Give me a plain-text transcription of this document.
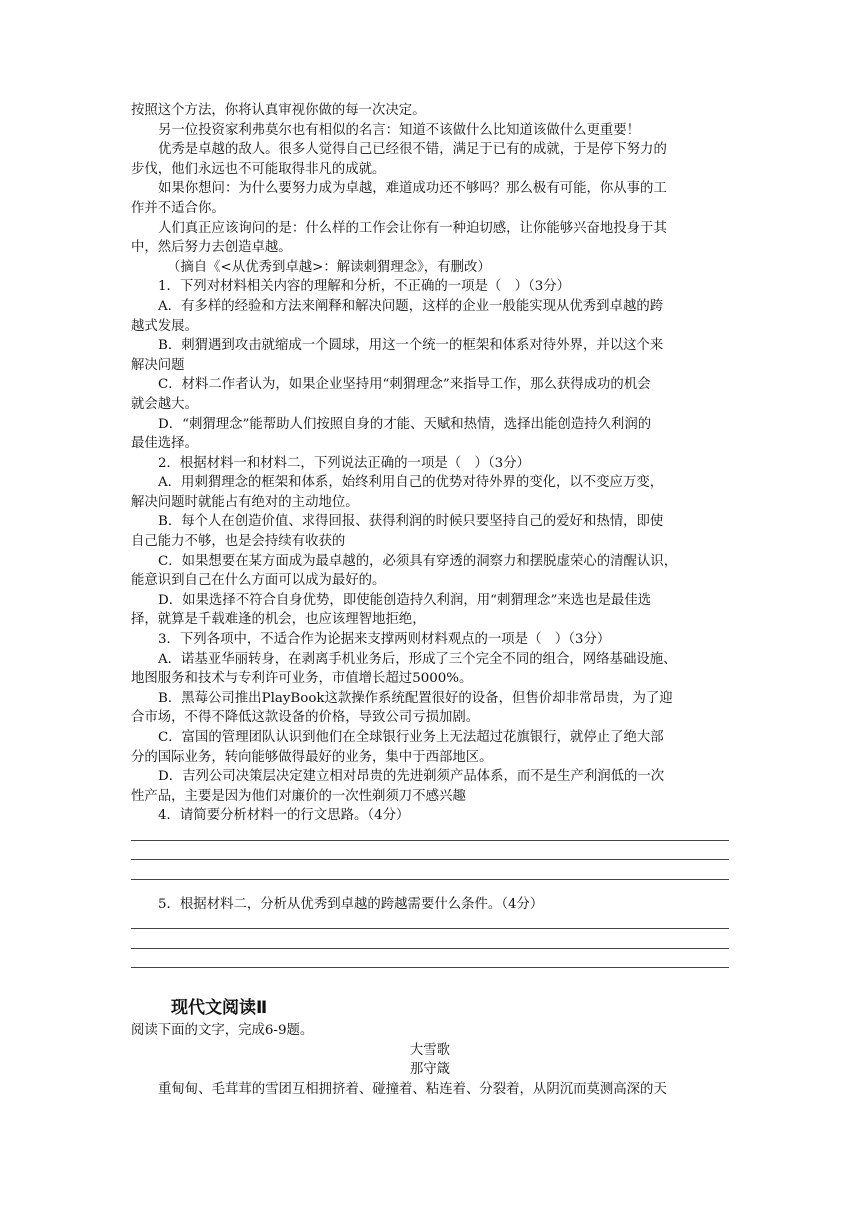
按照这个方法，你将认真审视你做的每一次决定。
另一位投资家利弗莫尔也有相似的名言：知道不该做什么比知道该做什么更重要！
优秀是卓越的敌人。很多人觉得自己已经很不错，满足于已有的成就，于是停下努力的
步伐，他们永远也不可能取得非凡的成就。
如果你想问：为什么要努力成为卓越，难道成功还不够吗？那么极有可能，你从事的工
作并不适合你。
人们真正应该询问的是：什么样的工作会让你有一种迫切感，让你能够兴奋地投身于其
中，然后努力去创造卓越。
（摘自《<从优秀到卓越>：解读刺猬理念》，有删改）
1．下列对材料相关内容的理解和分析，不正确的一项是（　）（3分）
A．有多样的经验和方法来阐释和解决问题，这样的企业一般能实现从优秀到卓越的跨
越式发展。
B．刺猬遇到攻击就缩成一个圆球，用这一个统一的框架和体系对待外界，并以这个来
解决问题
C．材料二作者认为，如果企业坚持用“刺猬理念”来指导工作，那么获得成功的机会
就会越大。
D．“刺猬理念”能帮助人们按照自身的才能、天赋和热情，选择出能创造持久利润的
最佳选择。
2．根据材料一和材料二，下列说法正确的一项是（　）（3分）
A．用刺猬理念的框架和体系，始终利用自己的优势对待外界的变化，以不变应万变，
解决问题时就能占有绝对的主动地位。
B．每个人在创造价值、求得回报、获得利润的时候只要坚持自己的爱好和热情，即使
自己能力不够，也是会持续有收获的
C．如果想要在某方面成为最卓越的，必须具有穿透的洞察力和摆脱虚荣心的清醒认识，
能意识到自己在什么方面可以成为最好的。
D．如果选择不符合自身优势，即使能创造持久利润，用“刺猬理念”来选也是最佳选
择，就算是千载难逢的机会，也应该理智地拒绝，
3．下列各项中，不适合作为论据来支撑两则材料观点的一项是（　）（3分）
A．诺基亚华丽转身，在剥离手机业务后，形成了三个完全不同的组合，网络基础设施、
地图服务和技术与专利许可业务，市值增长超过5000%。
B．黑莓公司推出PlayBook这款操作系统配置很好的设备，但售价却非常昂贵，为了迎
合市场，不得不降低这款设备的价格，导致公司亏损加剧。
C．富国的管理团队认识到他们在全球银行业务上无法超过花旗银行，就停止了绝大部
分的国际业务，转向能够做得最好的业务，集中于西部地区。
D．吉列公司决策层决定建立相对昂贵的先进剃须产品体系，而不是生产利润低的一次
性产品，主要是因为他们对廉价的一次性剃须刀不感兴趣
4．请简要分析材料一的行文思路。（4分）
5．根据材料二，分析从优秀到卓越的跨越需要什么条件。（4分）
现代文阅读Ⅱ
阅读下面的文字，完成6-9题。
大雪歌
那守箴
重甸甸、毛茸茸的雪团互相拥挤着、碰撞着、粘连着、分裂着，从阴沉而莫测高深的天
